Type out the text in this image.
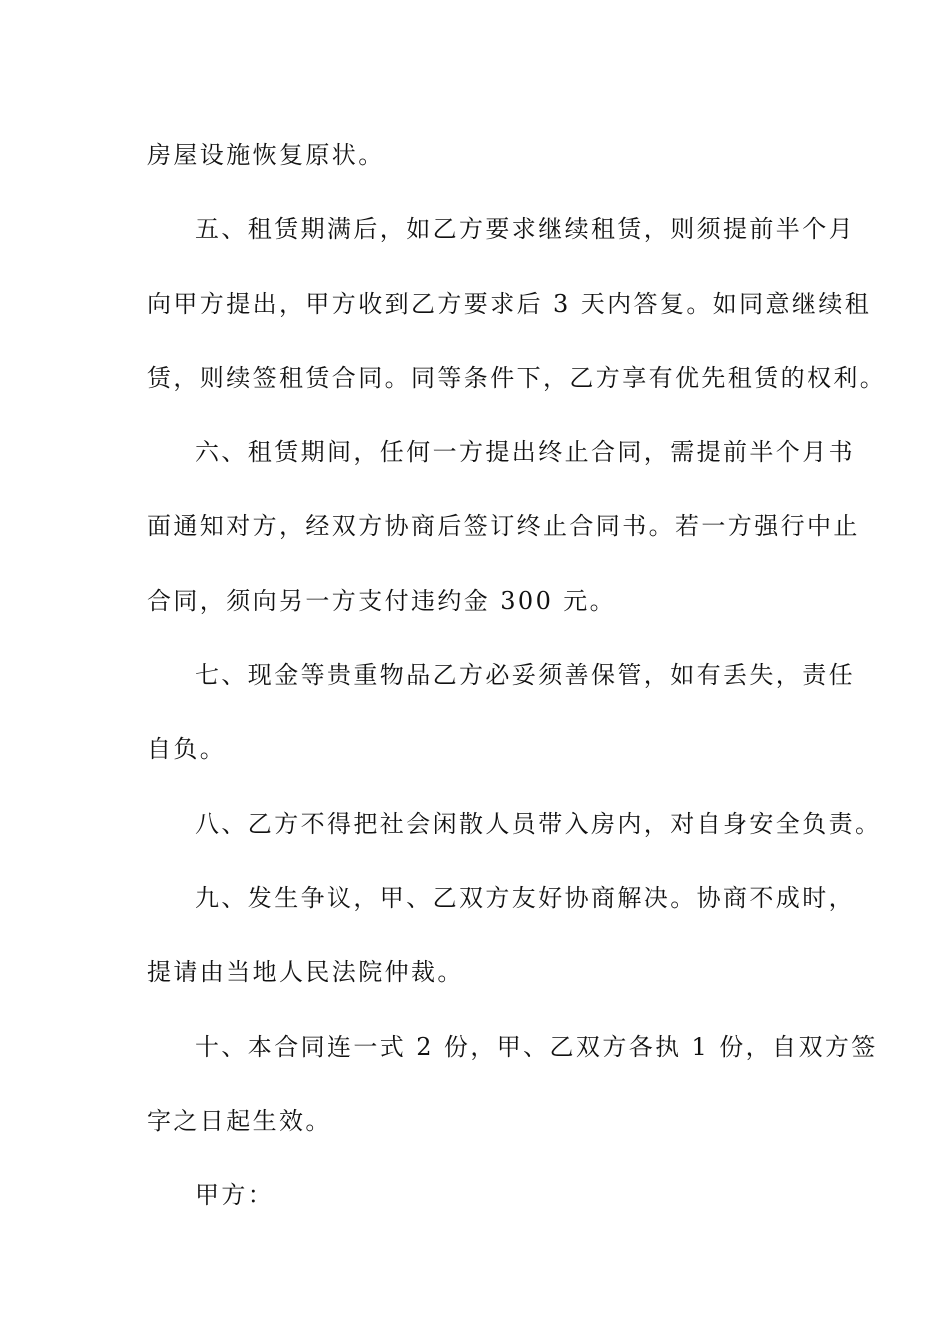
房屋设施恢复原状。
五、租赁期满后，如乙方要求继续租赁，则须提前半个月
向甲方提出，甲方收到乙方要求后 3 天内答复。如同意继续租
赁，则续签租赁合同。同等条件下，乙方享有优先租赁的权利。
六、租赁期间，任何一方提出终止合同，需提前半个月书
面通知对方，经双方协商后签订终止合同书。若一方强行中止
合同，须向另一方支付违约金 300 元。
七、现金等贵重物品乙方必妥须善保管，如有丢失，责任
自负。
八、乙方不得把社会闲散人员带入房内，对自身安全负责。
九、发生争议，甲、乙双方友好协商解决。协商不成时，
提请由当地人民法院仲裁。
十、本合同连一式 2 份，甲、乙双方各执 1 份，自双方签
字之日起生效。
甲方：
